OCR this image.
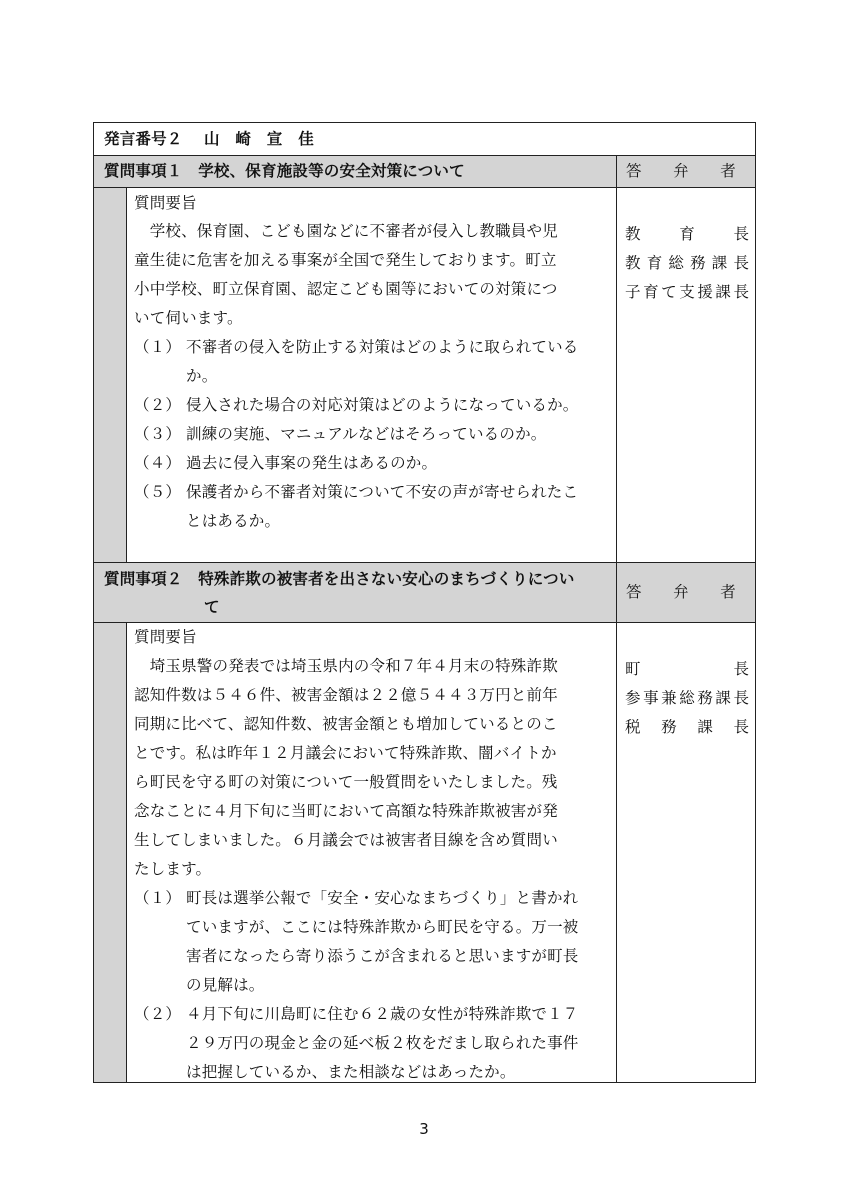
発言番号２ 山　崎　宣　佳
質問事項１　学校、保育施設等の安全対策について	答　　弁　　者
質問要旨
　学校、保育園、こども園などに不審者が侵入し教職員や児
童生徒に危害を加える事案が全国で発生しております。町立
小中学校、町立保育園、認定こども園等においての対策につ
いて伺います。
（１） 不審者の侵入を防止する対策はどのように取られている
か。
（２） 侵入された場合の対応対策はどのようになっているか。
（３） 訓練の実施、マニュアルなどはそろっているのか。
（４） 過去に侵入事案の発生はあるのか。
（５） 保護者から不審者対策について不安の声が寄せられたこ
とはあるか。
教 育 長
教 育 総 務 課 長
子 育 て 支 援 課 長
質問事項２　特殊詐欺の被害者を出さない安心のまちづくりについ
て
答　　弁　　者
質問要旨
　埼玉県警の発表では埼玉県内の令和７年４月末の特殊詐欺
認知件数は５４６件、被害金額は２２億５４４３万円と前年
同期に比べて、認知件数、被害金額とも増加しているとのこ
とです。私は昨年１２月議会において特殊詐欺、闇バイトか
ら町民を守る町の対策について一般質問をいたしました。残
念なことに４月下旬に当町において高額な特殊詐欺被害が発
生してしまいました。６月議会では被害者目線を含め質問い
たします。
（１） 町長は選挙公報で「安全・安心なまちづくり」と書かれ
ていますが、ここには特殊詐欺から町民を守る。万一被
害者になったら寄り添うこが含まれると思いますが町長
の見解は。
（２） ４月下旬に川島町に住む６２歳の女性が特殊詐欺で１７
２９万円の現金と金の延べ板２枚をだまし取られた事件
は把握しているか、また相談などはあったか。
町	長
参 事 兼 総 務 課 長
税 務 課 長
3
